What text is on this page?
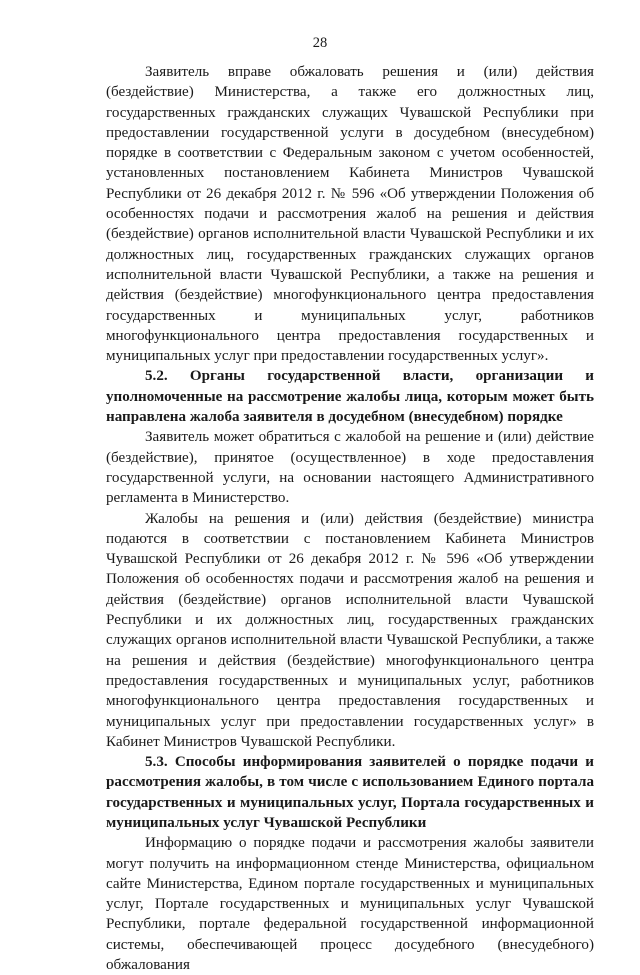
28

Заявитель вправе обжаловать решения и (или) действия (бездействие) Министерства, а также его должностных лиц, государственных гражданских служащих Чувашской Республики при предоставлении государственной услуги в досудебном (внесудебном) порядке в соответствии с Федеральным законом с учетом особенностей, установленных постановлением Кабинета Министров Чувашской Республики от 26 декабря 2012 г. № 596 «Об утверждении Положения об особенностях подачи и рассмотрения жалоб на решения и действия (бездействие) органов исполнительной власти Чувашской Республики и их должностных лиц, государственных гражданских служащих органов исполнительной власти Чувашской Республики, а также на решения и действия (бездействие) многофункционального центра предоставления государственных и муниципальных услуг, работников многофункционального центра предоставления государственных и муниципальных услуг при предоставлении государственных услуг».

5.2. Органы государственной власти, организации и уполномоченные на рассмотрение жалобы лица, которым может быть направлена жалоба заявителя в досудебном (внесудебном) порядке

Заявитель может обратиться с жалобой на решение и (или) действие (бездействие), принятое (осуществленное) в ходе предоставления государственной услуги, на основании настоящего Административного регламента в Министерство.

Жалобы на решения и (или) действия (бездействие) министра подаются в соответствии с постановлением Кабинета Министров Чувашской Республики от 26 декабря 2012 г. № 596 «Об утверждении Положения об особенностях подачи и рассмотрения жалоб на решения и действия (бездействие) органов исполнительной власти Чувашской Республики и их должностных лиц, государственных гражданских служащих органов исполнительной власти Чувашской Республики, а также на решения и действия (бездействие) многофункционального центра предоставления государственных и муниципальных услуг, работников многофункционального центра предоставления государственных и муниципальных услуг при предоставлении государственных услуг» в Кабинет Министров Чувашской Республики.

5.3. Способы информирования заявителей о порядке подачи и рассмотрения жалобы, в том числе с использованием Единого портала государственных и муниципальных услуг, Портала государственных и муниципальных услуг Чувашской Республики

Информацию о порядке подачи и рассмотрения жалобы заявители могут получить на информационном стенде Министерства, официальном сайте Министерства, Едином портале государственных и муниципальных услуг, Портале государственных и муниципальных услуг Чувашской Республики, портале федеральной государственной информационной системы, обеспечивающей процесс досудебного (внесудебного) обжалования
